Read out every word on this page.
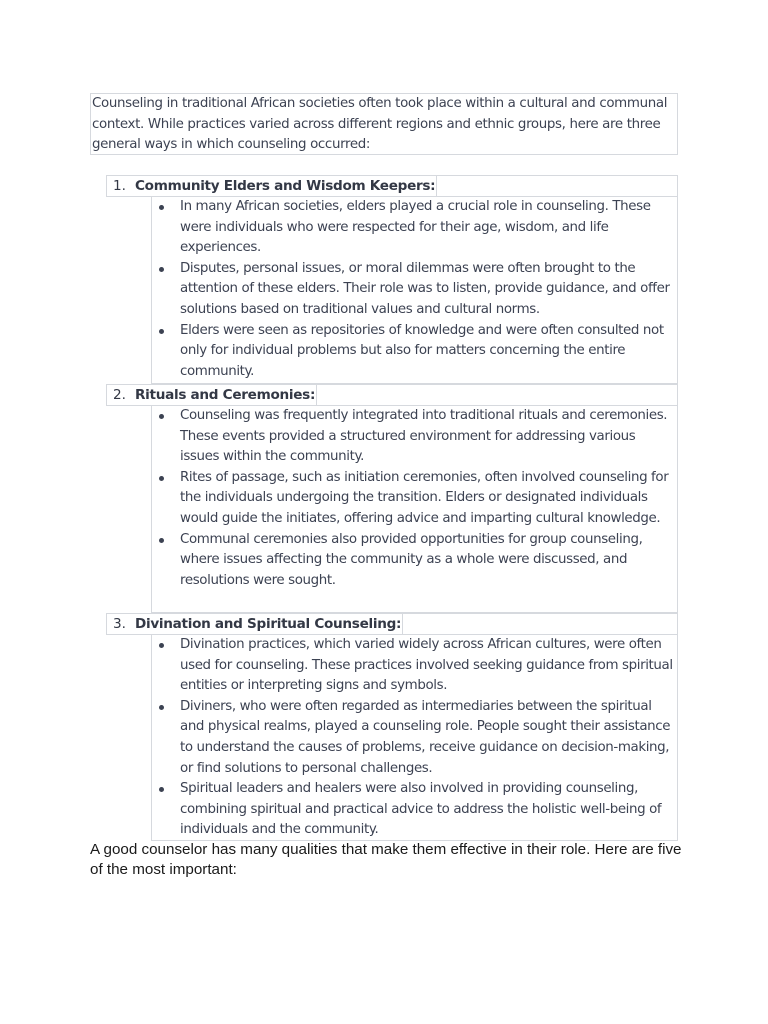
Counseling in traditional African societies often took place within a cultural and communal context. While practices varied across different regions and ethnic groups, here are three general ways in which counseling occurred:
1. Community Elders and Wisdom Keepers:
In many African societies, elders played a crucial role in counseling. These were individuals who were respected for their age, wisdom, and life experiences.
Disputes, personal issues, or moral dilemmas were often brought to the attention of these elders. Their role was to listen, provide guidance, and offer solutions based on traditional values and cultural norms.
Elders were seen as repositories of knowledge and were often consulted not only for individual problems but also for matters concerning the entire community.
2. Rituals and Ceremonies:
Counseling was frequently integrated into traditional rituals and ceremonies. These events provided a structured environment for addressing various issues within the community.
Rites of passage, such as initiation ceremonies, often involved counseling for the individuals undergoing the transition. Elders or designated individuals would guide the initiates, offering advice and imparting cultural knowledge.
Communal ceremonies also provided opportunities for group counseling, where issues affecting the community as a whole were discussed, and resolutions were sought.
3. Divination and Spiritual Counseling:
Divination practices, which varied widely across African cultures, were often used for counseling. These practices involved seeking guidance from spiritual entities or interpreting signs and symbols.
Diviners, who were often regarded as intermediaries between the spiritual and physical realms, played a counseling role. People sought their assistance to understand the causes of problems, receive guidance on decision-making, or find solutions to personal challenges.
Spiritual leaders and healers were also involved in providing counseling, combining spiritual and practical advice to address the holistic well-being of individuals and the community.
A good counselor has many qualities that make them effective in their role. Here are five of the most important:
